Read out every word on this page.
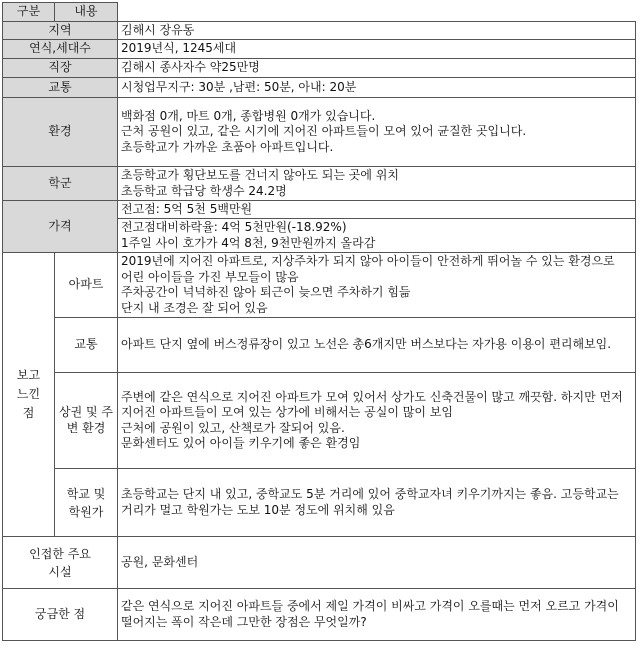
구분	내용	
지역		김해시 장유동
연식,세대수		2019년식, 1245세대
직장		김해시 종사자수 약25만명
교통		시청업무지구: 30분 ,남편: 50분, 아내: 20분
환경		백화점 0개, 마트 0개, 종합병원 0개가 있습니다.
근처 공원이 있고, 같은 시기에 지어진 아파트들이 모여 있어 균질한 곳입니다.
초등학교가 가까운 초품아 아파트입니다.

학군		초등학교가 횡단보도를 건너지 않아도 되는 곳에 위치
초등학교 학급당 학생수 24.2명

가격		전고점: 5억 5천 5백만원

		전고점대비하락율: 4억 5천만원(-18.92%)
1주일 사이 호가가 4억 8천, 9천만원까지 올라감

보고 느낀 점	아파트	2019년에 지어진 아파트로, 지상주차가 되지 않아 아이들이 안전하게 뛰어놀 수 있는 환경으로 어린 아이들을 가진 부모들이 많음
주차공간이 넉넉하진 않아 퇴근이 늦으면 주차하기 힘듦
단지 내 조경은 잘 되어 있음

	교통	아파트 단지 옆에 버스정류장이 있고 노선은 총6개지만 버스보다는 자가용 이용이 편리해보임.

	상권 및 주변 환경	주변에 같은 연식으로 지어진 아파트가 모여 있어서 상가도 신축건물이 많고 깨끗함. 하지만 먼저 지어진 아파트들이 모여 있는 상가에 비해서는 공실이 많이 보임
근처에 공원이 있고, 산책로가 잘되어 있음.
문화센터도 있어 아이들 키우기에 좋은 환경임

	학교 및 학원가	초등학교는 단지 내 있고, 중학교도 5분 거리에 있어 중학교자녀 키우기까지는 좋음. 고등학교는 거리가 멀고 학원가는 도보 10분 정도에 위치해 있음

인접한 주요 시설		공원, 문화센터
궁금한 점		같은 연식으로 지어진 아파트들 중에서 제일 가격이 비싸고 가격이 오를때는 먼저 오르고 가격이 떨어지는 폭이 작은데 그만한 장점은 무엇일까?
